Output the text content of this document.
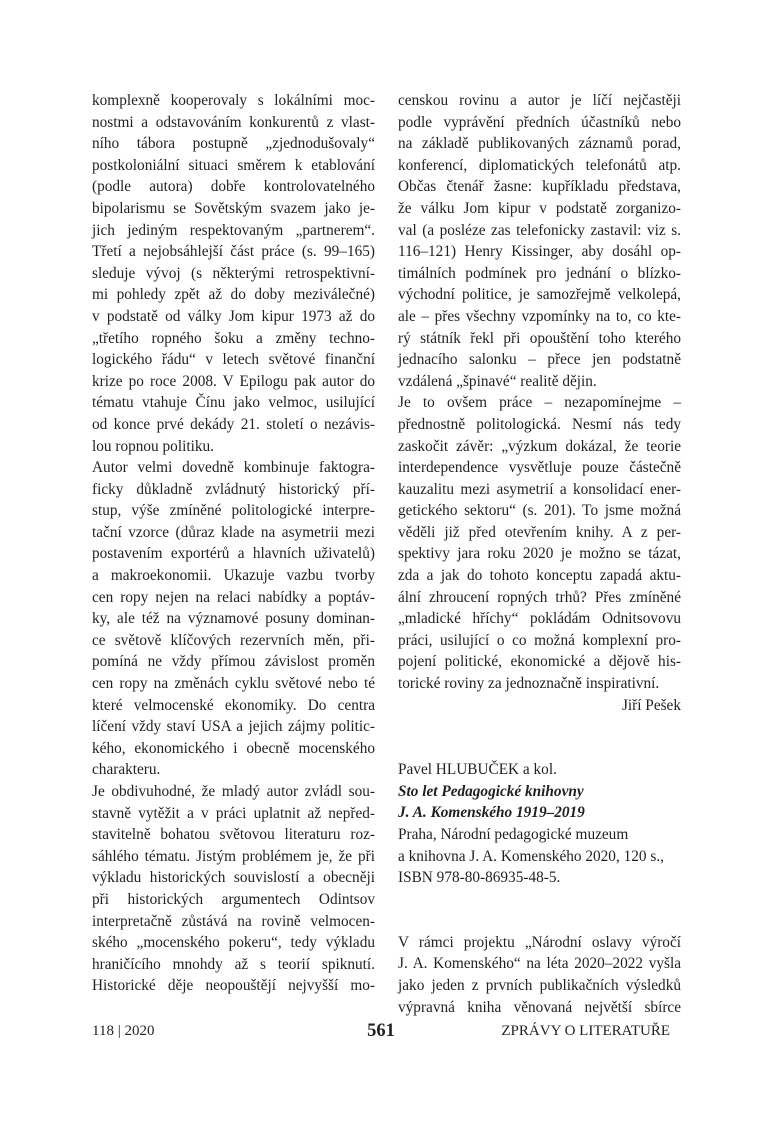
komplexně kooperovaly s lokálními moc-
nostmi a odstavováním konkurentů z vlast-
ního tábora postupně „zjednodušovaly“
postkoloniální situaci směrem k etablování
(podle autora) dobře kontrolovatelného
bipolarismu se Sovětským svazem jako je-
jich jediným respektovaným „partnerem“.
Třetí a nejobsáhlejší část práce (s. 99–165)
sleduje vývoj (s některými retrospektivní-
mi pohledy zpět až do doby meziválečné)
v podstatě od války Jom kipur 1973 až do
„třetího ropného šoku a změny techno-
logického řádu“ v letech světové finanční
krize po roce 2008. V Epilogu pak autor do
tématu vtahuje Čínu jako velmoc, usilující
od konce prvé dekády 21. století o nezávis-
lou ropnou politiku.
Autor velmi dovedně kombinuje faktogra-
ficky důkladně zvládnutý historický pří-
stup, výše zmíněné politologické interpre-
tační vzorce (důraz klade na asymetrii mezi
postavením exportérů a hlavních uživatelů)
a makroekonomii. Ukazuje vazbu tvorby
cen ropy nejen na relaci nabídky a poptáv-
ky, ale též na významové posuny dominan-
ce světově klíčových rezervních měn, při-
pomíná ne vždy přímou závislost proměn
cen ropy na změnách cyklu světové nebo té
které velmocenské ekonomiky. Do centra
líčení vždy staví USA a jejich zájmy politic-
kého, ekonomického i obecně mocenského
charakteru.
Je obdivuhodné, že mladý autor zvládl sou-
stavně vytěžit a v práci uplatnit až nepřed-
stavitelně bohatou světovou literaturu roz-
sáhlého tématu. Jistým problémem je, že při
výkladu historických souvislostí a obecněji
při historických argumentech Odintsov
interpretačně zůstává na rovině velmocen-
ského „mocenského pokeru“, tedy výkladu
hraničícího mnohdy až s teorií spiknutí.
Historické děje neopouštějí nejvyšší mo-
censkou rovinu a autor je líčí nejčastěji
podle vyprávění předních účastníků nebo
na základě publikovaných záznamů porad,
konferencí, diplomatických telefonátů atp.
Občas čtenář žasne: kupříkladu představa,
že válku Jom kipur v podstatě zorganizo-
val (a posléze zas telefonicky zastavil: viz s.
116–121) Henry Kissinger, aby dosáhl op-
timálních podmínek pro jednání o blízko-
východní politice, je samozřejmě velkolepá,
ale – přes všechny vzpomínky na to, co kte-
rý státník řekl při opouštění toho kterého
jednacího salonku – přece jen podstatně
vzdálená „špinavé“ realitě dějin.
Je to ovšem práce – nezapomínejme –
přednostně politologická. Nesmí nás tedy
zaskočit závěr: „výzkum dokázal, že teorie
interdependence vysvětluje pouze částečně
kauzalitu mezi asymetrií a konsolidací ener-
getického sektoru“ (s. 201). To jsme možná
věděli již před otevřením knihy. A z per-
spektivy jara roku 2020 je možno se tázat,
zda a jak do tohoto konceptu zapadá aktu-
ální zhroucení ropných trhů? Přes zmíněné
„mladické hříchy“ pokládám Odnitsovovu
práci, usilující o co možná komplexní pro-
pojení politické, ekonomické a dějově his-
torické roviny za jednoznačně inspirativní.
Jiří Pešek
Pavel HLUBUČEK a kol.
Sto let Pedagogické knihovny
J. A. Komenského 1919–2019
Praha, Národní pedagogické muzeum
a knihovna J. A. Komenského 2020, 120 s.,
ISBN 978-80-86935-48-5.
V rámci projektu „Národní oslavy výročí
J. A. Komenského“ na léta 2020–2022 vyšla
jako jeden z prvních publikačních výsledků
výpravná kniha věnovaná největší sbírce
118 | 2020	561	ZPRÁVY O LITERATUŘE
